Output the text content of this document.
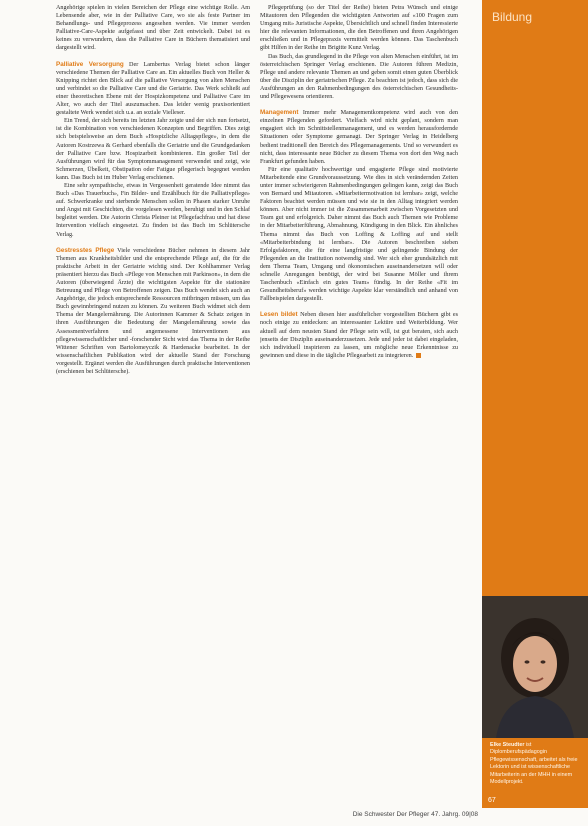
Angehörige spielen in vielen Bereichen der Pflege eine wichtige Rolle. Am Lebensende aber, wie in der Palliative Care, wo sie als feste Partner im Behandlungs- und Pflegeprozess angesehen werden. Vie immer werden Palliative-Care-Aspekte aufgefasst und über Zeit entwickelt. Dabei ist es keines zu verwundern, dass die Palliative Care in Büchern thematisiert und dargestellt wird.

Palliative Versorgung Der Lambertus Verlag bietet schon länger verschiedene Themen der Palliative Care an. Ein aktuelles Buch von Heller & Knipping richtet den Blick auf die palliative Versorgung von alten Menschen und verbindet so die Palliative Care und die Geriatrie. Das Werk schließt auf einer theoretischen Ebene mit der Hospizkompetenz und Palliative Care im Alter, wo auch der Titel auszumachen. Das leider wenig praxisorientiert gestaltete Werk wendet sich u.a. an soziale Vielleser.

Ein Trend, der sich bereits im letzten Jahr zeigte und der sich nun fortsetzt, ist die Kombination von verschiedenen Konzepten und Begriffen. Dies zeigt sich beispielsweise an dem Buch «Hospizliche Alltagspflege», in dem die Autoren Kostrzewa & Gerhard ebenfalls die Geriatrie und die Grundgedanken der Palliative Care bzw. Hospizarbeit kombinieren. Ein großer Teil der Ausführungen wird für das Symptommanagement verwendet und zeigt, wie Schmerzen, Übelkeit, Obstipation oder Fatigue pflegerisch begegnet werden kann. Das Buch ist im Huber Verlag erschienen.

Eine sehr sympathische, etwas in Vergessenheit geratende Idee nimmt das Buch «Das Trauerbuch», Fin Bilder- und Erzählbuch für die Palliativpflege» auf. Schwerkranke und sterbende Menschen sollen in Phasen starker Unruhe und Angst mit Geschichten, die vorgelesen werden, beruhigt und in den Schlaf begleitet werden. Die Autorin Christa Pleiner ist Pflegefachfrau und hat diese Intervention vielfach eingesetzt. Zu finden ist das Buch im Schlütersche Verlag.

Gestresstes Pflege Viele verschiedene Bücher nehmen in diesem Jahr Themen aus Krankheitsbilder und die entsprechende Pflege auf, die für die praktische Arbeit in der Geriatrie wichtig sind. Der Kohlhammer Verlag präsentiert hierzu das Buch «Pflege von Menschen mit Parkinson», in dem die Autoren (überwiegend Ärzte) die wichtigsten Aspekte für die stationäre Betreuung und Pflege von Betroffenen zeigen. Das Buch wendet sich auch an Angehörige, die jedoch entsprechende Ressourcen mitbringen müssen, um das Buch gewinnbringend nutzen zu können. Zu weiteren Buch widmet sich dem Thema der Mangelernährung. Die Autorinnen Kammer & Schatz zeigen in ihren Ausführungen die Bedeutung der Mangelernährung sowie das Assessmentverfahren und angemessene Interventionen aus pflegewissenschaftlicher und -forschender Sicht wird das Thema in der Reihe Wittener Schriften von Bartolomeyczik & Hardenacke bearbeitet. In der wissenschaftlichen Publikation wird der aktuelle Stand der Forschung vorgestellt. Ergänzt werden die Ausführungen durch praktische Interventionen (erschienen bei Schlütersche).

Pflegeprüfung (so der Titel der Reihe) bieten Petra Wünsch und einige Mitautoren den Pflegenden die wichtigsten Antworten auf «100 Fragen zum Umgang mit» Juristische Aspekte, Übersichtlich und schnell finden Interessierte hier die relevanten Informationen, die den Betroffenen und ihren Angehörigen erschließen und in Pflegepraxis vermittelt werden können. Das Taschenbuch gibt Hilfen in der Reihe im Brigitte Kunz Verlag.

Das Buch, das grundlegend in die Pflege von alten Menschen einführt, ist im österreichischen Springer Verlag erschienen. Die Autoren führen Medizin, Pflege und andere relevante Themen an und geben somit einen guten Überblick über die Disziplin der geriatrischen Pflege. Zu beachten ist jedoch, dass sich die Ausführungen an den Rahmenbedingungen des österreichischen Gesundheits- und Pflegewesens orientieren.

Management Immer mehr Managementkompetenz wird auch von den einzelnen Pflegenden gefordert. Vielfach wird nicht geplant, sondern man engagiert sich im Schnittstellenmanagement, und es werden herausfordernde Situationen oder Symptome gemanagt. Der Springer Verlag in Heidelberg bedient traditionell den Bereich des Pflegemanagements. Und so verwundert es nicht, dass interessante neue Bücher zu diesem Thema von dort den Weg nach Frankfurt gefunden haben.

Für eine qualitativ hochwertige und engagierte Pflege sind motivierte Mitarbeitende eine Grundvoraussetzung. Wie dies in sich verändernden Zeiten unter immer schwierigeren Rahmenbedingungen gelingen kann, zeigt das Buch von Bernard und Mitautoren. «Mitarbeitermotivation ist lernbar» zeigt, welche Faktoren beachtet werden müssen und wie sie in den Alltag integriert werden können. Aber nicht immer ist die Zusammenarbeit zwischen Vorgesetzten und Team gut und erfolgreich. Daher nimmt das Buch auch Themen wie Probleme in der Mitarbeiterführung, Abmahnung, Kündigung in den Blick. Ein ähnliches Thema nimmt das Buch von Loffing & Loffing auf und stellt «Mitarbeiterbindung ist lernbar». Die Autoren beschreiben sieben Erfolgsfaktoren, die für eine langfristige und gelingende Bindung der Pflegenden an die Institution notwendig sind. Wer sich eher grundsätzlich mit dem Thema Team, Umgang und ökonomischen auseinandersetzen will oder schnelle Anregungen benötigt, der wird bei Susanne Möller und ihrem Taschenbuch «Einfach ein gutes Team» fündig. In der Reihe «Fit im Gesundheitsberuf» werden wichtige Aspekte klar verständlich und anhand von Fallbeispielen dargestellt.

Lesen bildet Neben diesen hier ausführlicher vorgestellten Büchern gibt es noch einige zu entdecken: an interessanter Lektüre und Weiterbildung. Wer aktuell auf dem neusten Stand der Pflege sein will, ist gut beraten, sich auch jenseits der Disziplin auseinanderzusetzen. Jede und jeder ist dabei eingeladen, sich individuell inspirieren zu lassen, um mögliche neue Erkenntnisse zu gewinnen und diese in die tägliche Pflegearbeit zu integrieren.

Bildung
Elke Steudter ist Diplomberufspädagogin Pflegewissenschaft, arbeitet als freie Lektorin und ist wissenschaftliche Mitarbeiterin an der MHH in einem Modellprojekt.
67
Die Schwester Der Pfleger 47. Jahrg. 09|08
